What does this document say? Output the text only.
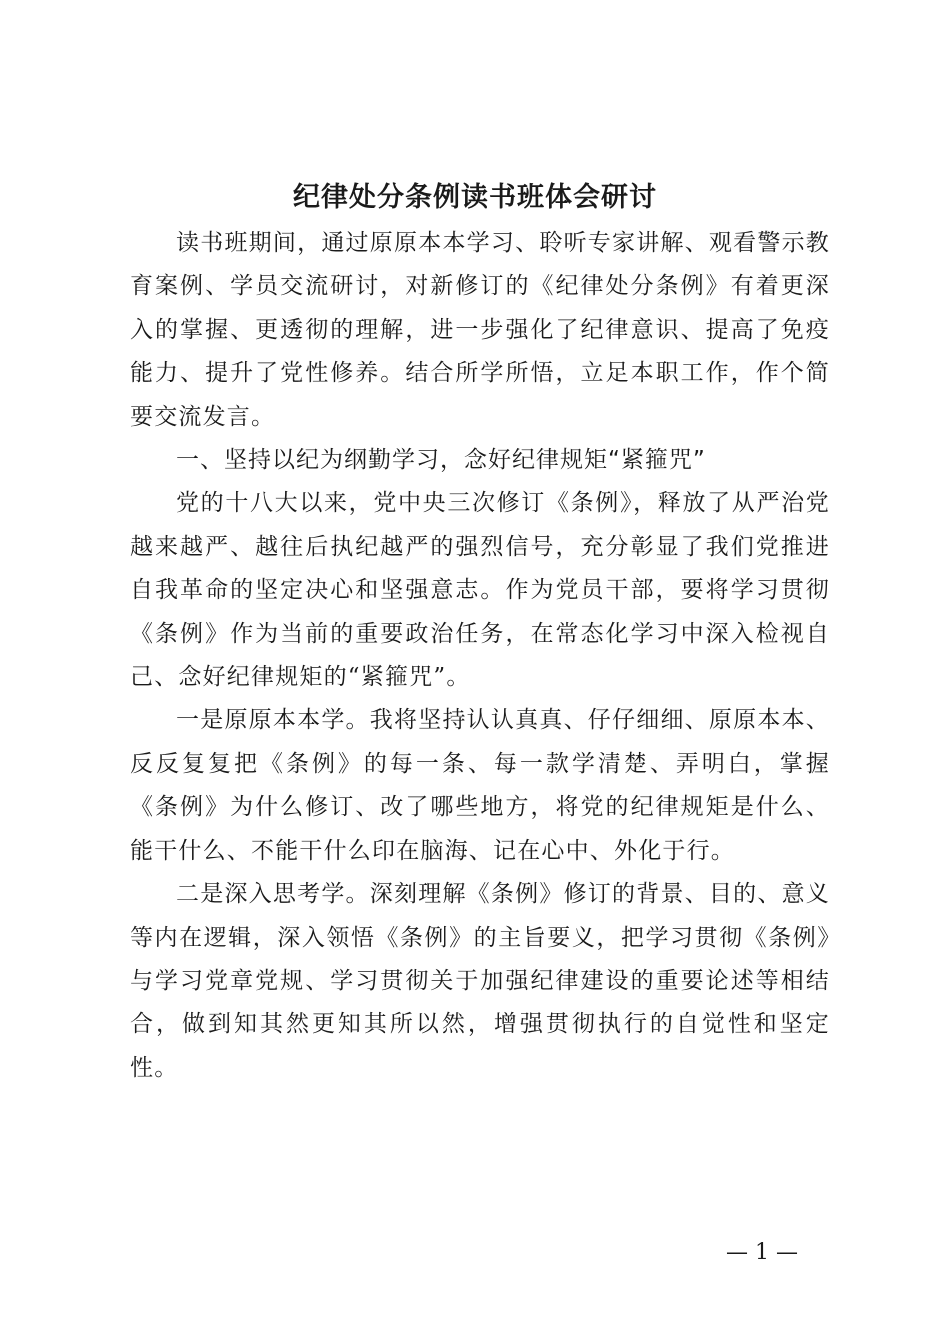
纪律处分条例读书班体会研讨

读书班期间，通过原原本本学习、聆听专家讲解、观看警示教育案例、学员交流研讨，对新修订的《纪律处分条例》有着更深入的掌握、更透彻的理解，进一步强化了纪律意识、提高了免疫能力、提升了党性修养。结合所学所悟，立足本职工作，作个简要交流发言。

一、坚持以纪为纲勤学习，念好纪律规矩“紧箍咒”

党的十八大以来，党中央三次修订《条例》，释放了从严治党越来越严、越往后执纪越严的强烈信号，充分彰显了我们党推进自我革命的坚定决心和坚强意志。作为党员干部，要将学习贯彻《条例》作为当前的重要政治任务，在常态化学习中深入检视自己、念好纪律规矩的“紧箍咒”。

一是原原本本学。我将坚持认认真真、仔仔细细、原原本本、反反复复把《条例》的每一条、每一款学清楚、弄明白，掌握《条例》为什么修订、改了哪些地方，将党的纪律规矩是什么、能干什么、不能干什么印在脑海、记在心中、外化于行。

二是深入思考学。深刻理解《条例》修订的背景、目的、意义等内在逻辑，深入领悟《条例》的主旨要义，把学习贯彻《条例》与学习党章党规、学习贯彻关于加强纪律建设的重要论述等相结合，做到知其然更知其所以然，增强贯彻执行的自觉性和坚定性。

— 1 —
